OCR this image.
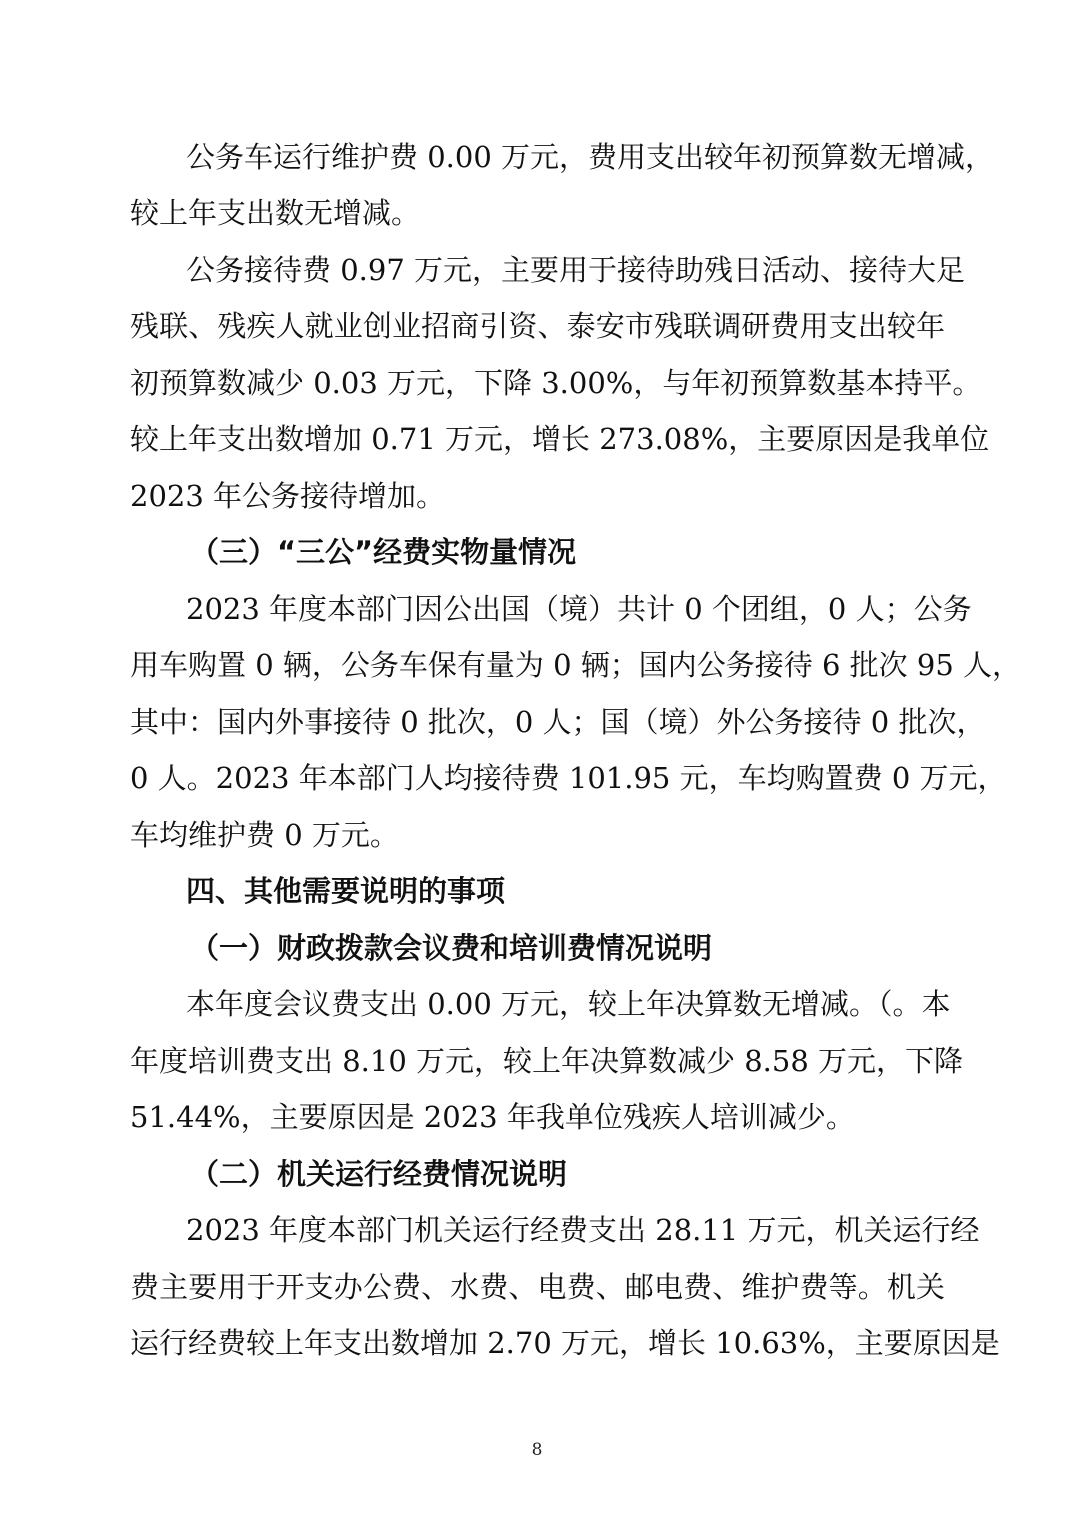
公务车运行维护费 0.00 万元，费用支出较年初预算数无增减，
较上年支出数无增减。
公务接待费 0.97 万元，主要用于接待助残日活动、接待大足
残联、残疾人就业创业招商引资、泰安市残联调研费用支出较年
初预算数减少 0.03 万元，下降 3.00%，与年初预算数基本持平。
较上年支出数增加 0.71 万元，增长 273.08%，主要原因是我单位
2023 年公务接待增加。
（三）“三公”经费实物量情况
2023 年度本部门因公出国（境）共计 0 个团组，0 人；公务
用车购置 0 辆，公务车保有量为 0 辆；国内公务接待 6 批次 95 人，
其中：国内外事接待 0 批次，0 人；国（境）外公务接待 0 批次，
0 人。2023 年本部门人均接待费 101.95 元，车均购置费 0 万元，
车均维护费 0 万元。
四、其他需要说明的事项
（一）财政拨款会议费和培训费情况说明
本年度会议费支出 0.00 万元，较上年决算数无增减。（。本
年度培训费支出 8.10 万元，较上年决算数减少 8.58 万元，下降
51.44%，主要原因是 2023 年我单位残疾人培训减少。
（二）机关运行经费情况说明
2023 年度本部门机关运行经费支出 28.11 万元，机关运行经
费主要用于开支办公费、水费、电费、邮电费、维护费等。机关
运行经费较上年支出数增加 2.70 万元，增长 10.63%，主要原因是
8
